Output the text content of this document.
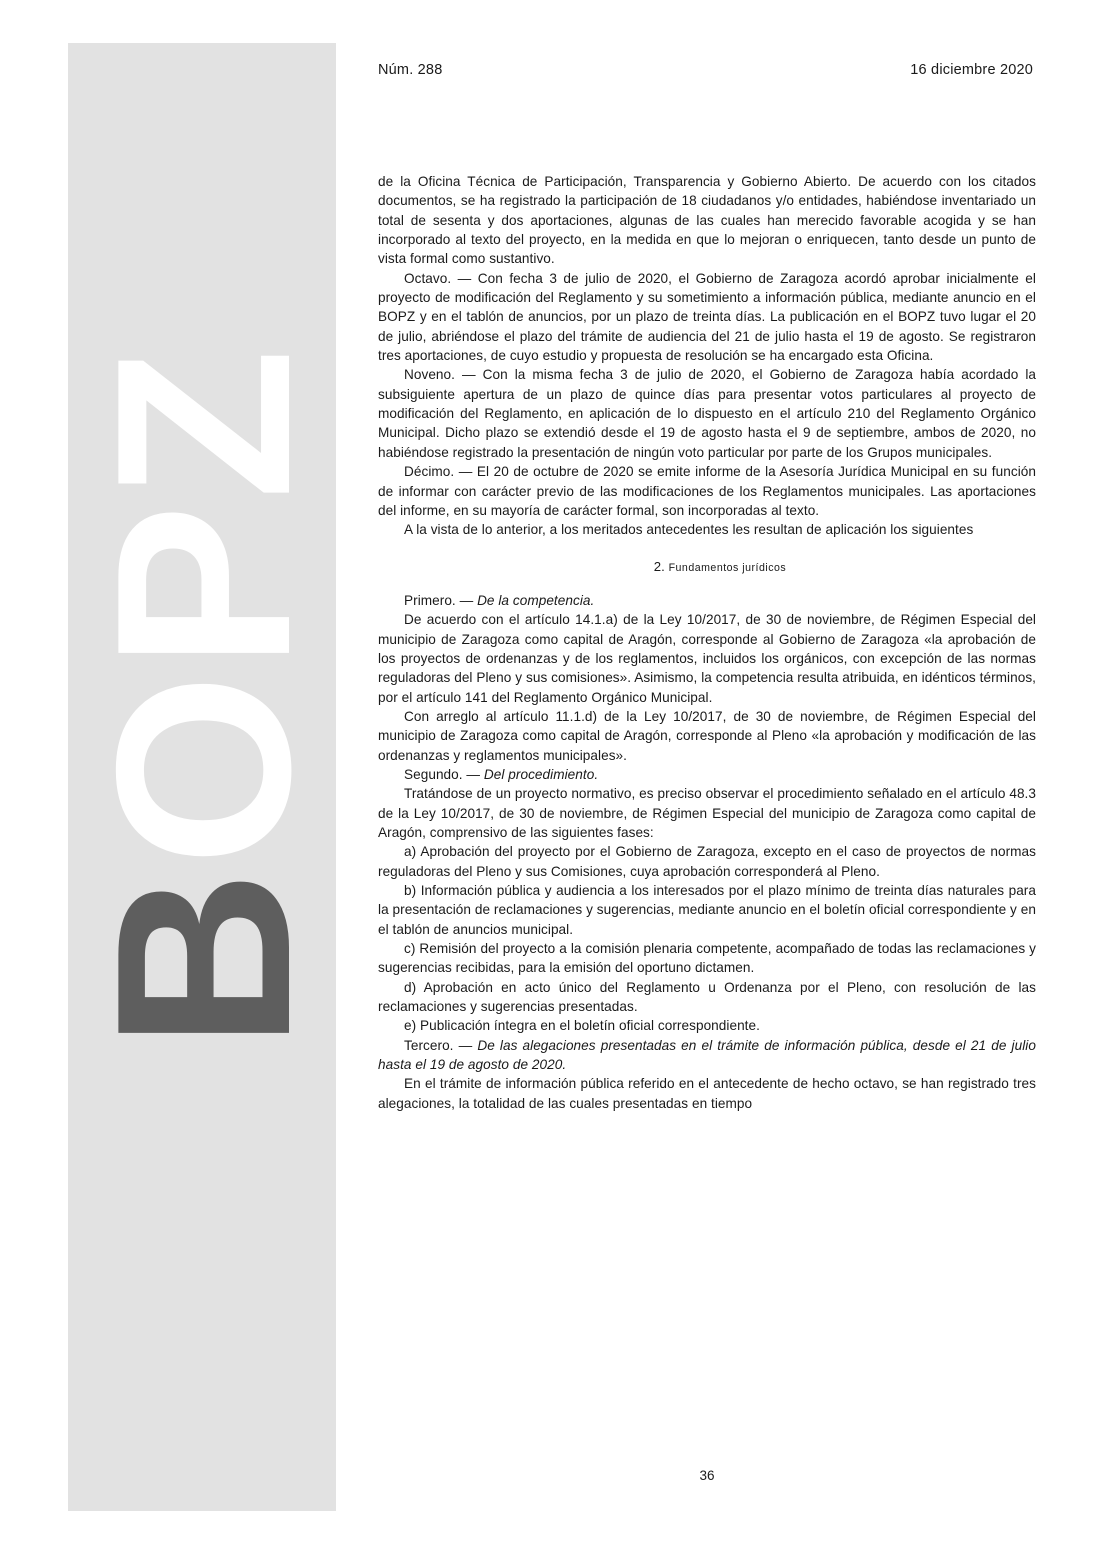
BOPZ
Núm. 288	16 diciembre 2020

de la Oficina Técnica de Participación, Transparencia y Gobierno Abierto. De acuerdo con los citados documentos, se ha registrado la participación de 18 ciudadanos y/o entidades, habiéndose inventariado un total de sesenta y dos aportaciones, algunas de las cuales han merecido favorable acogida y se han incorporado al texto del proyecto, en la medida en que lo mejoran o enriquecen, tanto desde un punto de vista formal como sustantivo.

Octavo. — Con fecha 3 de julio de 2020, el Gobierno de Zaragoza acordó aprobar inicialmente el proyecto de modificación del Reglamento y su sometimiento a información pública, mediante anuncio en el BOPZ y en el tablón de anuncios, por un plazo de treinta días. La publicación en el BOPZ tuvo lugar el 20 de julio, abriéndose el plazo del trámite de audiencia del 21 de julio hasta el 19 de agosto. Se registraron tres aportaciones, de cuyo estudio y propuesta de resolución se ha encargado esta Oficina.

Noveno. — Con la misma fecha 3 de julio de 2020, el Gobierno de Zaragoza había acordado la subsiguiente apertura de un plazo de quince días para presentar votos particulares al proyecto de modificación del Reglamento, en aplicación de lo dispuesto en el artículo 210 del Reglamento Orgánico Municipal. Dicho plazo se extendió desde el 19 de agosto hasta el 9 de septiembre, ambos de 2020, no habiéndose registrado la presentación de ningún voto particular por parte de los Grupos municipales.

Décimo. — El 20 de octubre de 2020 se emite informe de la Asesoría Jurídica Municipal en su función de informar con carácter previo de las modificaciones de los Reglamentos municipales. Las aportaciones del informe, en su mayoría de carácter formal, son incorporadas al texto.

A la vista de lo anterior, a los meritados antecedentes les resultan de aplicación los siguientes

2. Fundamentos jurídicos

Primero. — De la competencia.

De acuerdo con el artículo 14.1.a) de la Ley 10/2017, de 30 de noviembre, de Régimen Especial del municipio de Zaragoza como capital de Aragón, corresponde al Gobierno de Zaragoza «la aprobación de los proyectos de ordenanzas y de los reglamentos, incluidos los orgánicos, con excepción de las normas reguladoras del Pleno y sus comisiones». Asimismo, la competencia resulta atribuida, en idénticos términos, por el artículo 141 del Reglamento Orgánico Municipal.

Con arreglo al artículo 11.1.d) de la Ley 10/2017, de 30 de noviembre, de Régimen Especial del municipio de Zaragoza como capital de Aragón, corresponde al Pleno «la aprobación y modificación de las ordenanzas y reglamentos municipales».

Segundo. — Del procedimiento.

Tratándose de un proyecto normativo, es preciso observar el procedimiento señalado en el artículo 48.3 de la Ley 10/2017, de 30 de noviembre, de Régimen Especial del municipio de Zaragoza como capital de Aragón, comprensivo de las siguientes fases:

a) Aprobación del proyecto por el Gobierno de Zaragoza, excepto en el caso de proyectos de normas reguladoras del Pleno y sus Comisiones, cuya aprobación corresponderá al Pleno.

b) Información pública y audiencia a los interesados por el plazo mínimo de treinta días naturales para la presentación de reclamaciones y sugerencias, mediante anuncio en el boletín oficial correspondiente y en el tablón de anuncios municipal.

c) Remisión del proyecto a la comisión plenaria competente, acompañado de todas las reclamaciones y sugerencias recibidas, para la emisión del oportuno dictamen.

d) Aprobación en acto único del Reglamento u Ordenanza por el Pleno, con resolución de las reclamaciones y sugerencias presentadas.

e) Publicación íntegra en el boletín oficial correspondiente.

Tercero. — De las alegaciones presentadas en el trámite de información pública, desde el 21 de julio hasta el 19 de agosto de 2020.

En el trámite de información pública referido en el antecedente de hecho octavo, se han registrado tres alegaciones, la totalidad de las cuales presentadas en tiempo

36
